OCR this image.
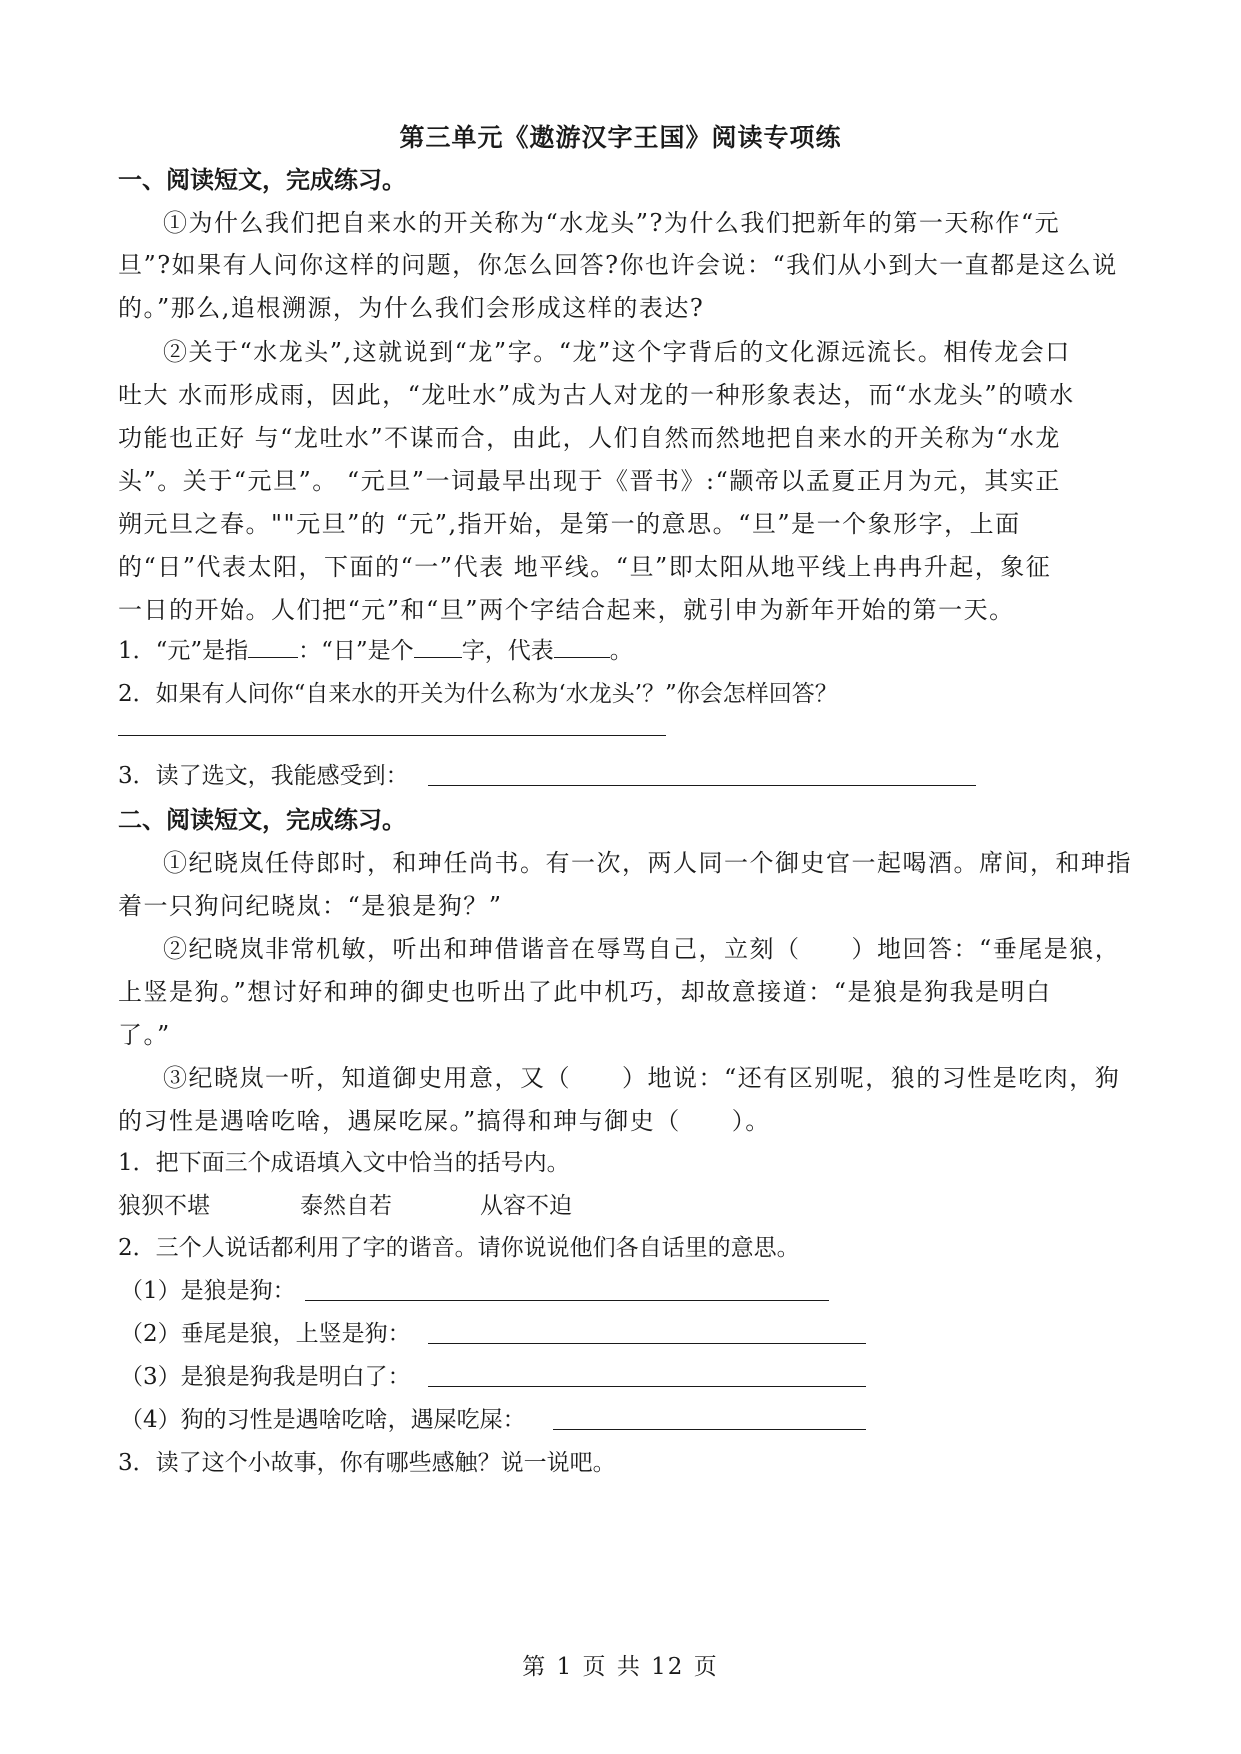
第三单元《遨游汉字王国》阅读专项练
一、阅读短文，完成练习。
①为什么我们把自来水的开关称为“水龙头”?为什么我们把新年的第一天称作“元
旦”?如果有人问你这样的问题，你怎么回答?你也许会说：“我们从小到大一直都是这么说
的。”那么,追根溯源，为什么我们会形成这样的表达?
②关于“水龙头”,这就说到“龙”字。“龙”这个字背后的文化源远流长。相传龙会口
吐大 水而形成雨，因此，“龙吐水”成为古人对龙的一种形象表达，而“水龙头”的喷水
功能也正好 与“龙吐水”不谋而合，由此，人们自然而然地把自来水的开关称为“水龙
头”。关于“元旦”。 “元旦”一词最早出现于《晋书》:“颛帝以孟夏正月为元，其实正
朔元旦之春。""元旦”的 “元”,指开始，是第一的意思。“旦”是一个象形字，上面
的“日”代表太阳，下面的“一”代表 地平线。“旦”即太阳从地平线上冉冉升起，象征
一日的开始。人们把“元”和“旦”两个字结合起来，就引申为新年开始的第一天。
1．“元”是指 ：“日”是个 字，代表 。
2．如果有人问你“自来水的开关为什么称为‘水龙头’？”你会怎样回答？
3．读了选文，我能感受到：
二、阅读短文，完成练习。
①纪晓岚任侍郎时，和珅任尚书。有一次，两人同一个御史官一起喝酒。席间，和珅指
着一只狗问纪晓岚：“是狼是狗？”
②纪晓岚非常机敏，听出和珅借谐音在辱骂自己，立刻（　　）地回答：“垂尾是狼，
上竖是狗。”想讨好和珅的御史也听出了此中机巧，却故意接道：“是狼是狗我是明白
了。”
③纪晓岚一听，知道御史用意，又（　　）地说：“还有区别呢，狼的习性是吃肉，狗
的习性是遇啥吃啥，遇屎吃屎。”搞得和珅与御史（　　）。
1．把下面三个成语填入文中恰当的括号内。
狼狈不堪	泰然自若	从容不迫
2．三个人说话都利用了字的谐音。请你说说他们各自话里的意思。
（1）是狼是狗：
（2）垂尾是狼，上竖是狗：
（3）是狼是狗我是明白了：
（4）狗的习性是遇啥吃啥，遇屎吃屎：
3．读了这个小故事，你有哪些感触？说一说吧。
第 1 页 共 12 页
